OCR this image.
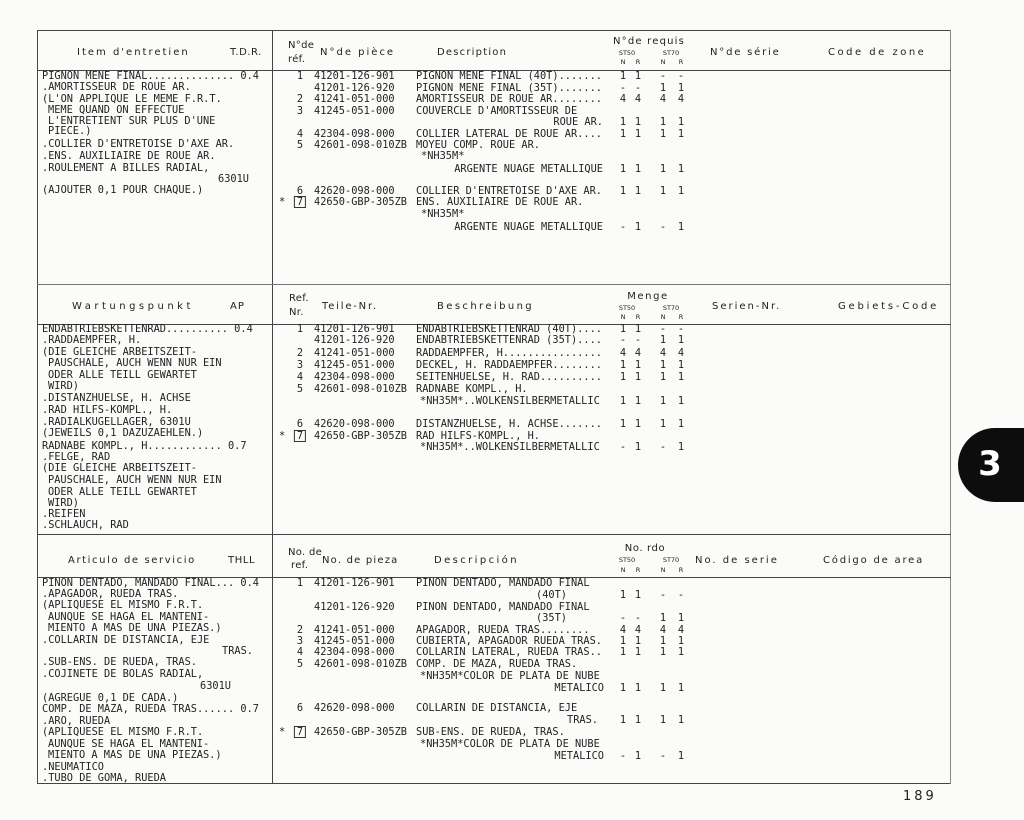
3
189
Item d'entretien	T.D.R.
N°de
réf.
N°de pièce	Description
N°de requis
ST50	ST70
N R	N R
N°de série	Code de zone
PIGNON MENE FINAL.............. 0.4
.AMORTISSEUR DE ROUE AR.
(L'ON APPLIQUE LE MEME F.R.T.
MEME QUAND ON EFFECTUE
L'ENTRETIENT SUR PLUS D'UNE
PIECE.)
.COLLIER D'ENTRETOISE D'AXE AR.
.ENS. AUXILIAIRE DE ROUE AR.
.ROULEMENT A BILLES RADIAL,
6301U
(AJOUTER 0,1 POUR CHAQUE.)
1 41201-126-901 PIGNON MENE FINAL (40T)....... 1 1 - -
41201-126-920 PIGNON MENE FINAL (35T)....... - - 1 1
2 41241-051-000 AMORTISSEUR DE ROUE AR........ 4 4 4 4
3 41245-051-000 COUVERCLE D'AMORTISSEUR DE
ROUE AR. 1 1 1 1
4 42304-098-000 COLLIER LATERAL DE ROUE AR.... 1 1 1 1
5 42601-098-010ZB MOYEU COMP. ROUE AR.
*NH35M*
ARGENTE NUAGE METALLIQUE 1 1 1 1
6 42620-098-000 COLLIER D'ENTRETOISE D'AXE AR. 1 1 1 1
* 7 42650-GBP-305ZB ENS. AUXILIAIRE DE ROUE AR.
*NH35M*
ARGENTE NUAGE METALLIQUE - 1 - 1
Wartungspunkt	AP
Ref.
Nr.
Teile-Nr.	Beschreibung
Menge
ST50	ST70
N R	N R
Serien-Nr.	Gebiets-Code
ENDABTRIEBSKETTENRAD.......... 0.4
.RADDAEMPFER, H.
(DIE GLEICHE ARBEITSZEIT-
PAUSCHALE, AUCH WENN NUR EIN
ODER ALLE TEILL GEWARTET
WIRD)
.DISTANZHUELSE, H. ACHSE
.RAD HILFS-KOMPL., H.
.RADIALKUGELLAGER, 6301U
(JEWEILS 0,1 DAZUZAEHLEN.)
RADNABE KOMPL., H............ 0.7
.FELGE, RAD
(DIE GLEICHE ARBEITSZEIT-
PAUSCHALE, AUCH WENN NUR EIN
ODER ALLE TEILL GEWARTET
WIRD)
.REIFEN
.SCHLAUCH, RAD
1 41201-126-901 ENDABTRIEBSKETTENRAD (40T).... 1 1 - -
41201-126-920 ENDABTRIEBSKETTENRAD (35T).... - - 1 1
2 41241-051-000 RADDAEMPFER, H................ 4 4 4 4
3 41245-051-000 DECKEL, H. RADDAEMPFER........ 1 1 1 1
4 42304-098-000 SEITENHUELSE, H. RAD.......... 1 1 1 1
5 42601-098-010ZB RADNABE KOMPL., H.
*NH35M*..WOLKENSILBERMETALLIC 1 1 1 1
6 42620-098-000 DISTANZHUELSE, H. ACHSE....... 1 1 1 1
* 7 42650-GBP-305ZB RAD HILFS-KOMPL., H.
*NH35M*..WOLKENSILBERMETALLIC - 1 - 1
Articulo de servicio	THLL
No. de
ref. No. de pieza	Descripción
No. rdo
ST50	ST70
N R	N R
No. de serie	Código de area
PINON DENTADO, MANDADO FINAL... 0.4
.APAGADOR, RUEDA TRAS.
(APLIQUESE EL MISMO F.R.T.
AUNQUE SE HAGA EL MANTENI-
MIENTO A MAS DE UNA PIEZAS.)
.COLLARIN DE DISTANCIA, EJE
TRAS.
.SUB-ENS. DE RUEDA, TRAS.
.COJINETE DE BOLAS RADIAL,
6301U
(AGREGUE 0,1 DE CADA.)
COMP. DE MAZA, RUEDA TRAS...... 0.7
.ARO, RUEDA
(APLIQUESE EL MISMO F.R.T.
AUNQUE SE HAGA EL MANTENI-
MIENTO A MAS DE UNA PIEZAS.)
.NEUMATICO
.TUBO DE GOMA, RUEDA
1 41201-126-901 PINON DENTADO, MANDADO FINAL
(40T)	1 1 - -
41201-126-920 PINON DENTADO, MANDADO FINAL
(35T)	- - 1 1
2 41241-051-000 APAGADOR, RUEDA TRAS........	4 4 4 4
3 41245-051-000 CUBIERTA, APAGADOR RUEDA TRAS. 1 1 1 1
4 42304-098-000 COLLARIN LATERAL, RUEDA TRAS.. 1 1 1 1
5 42601-098-010ZB COMP. DE MAZA, RUEDA TRAS.
*NH35M*COLOR DE PLATA DE NUBE
METALICO 1 1 1 1
6 42620-098-000 COLLARIN DE DISTANCIA, EJE
TRAS. 1 1 1 1
* 7 42650-GBP-305ZB SUB-ENS. DE RUEDA, TRAS.
*NH35M*COLOR DE PLATA DE NUBE
METALICO - 1 - 1
